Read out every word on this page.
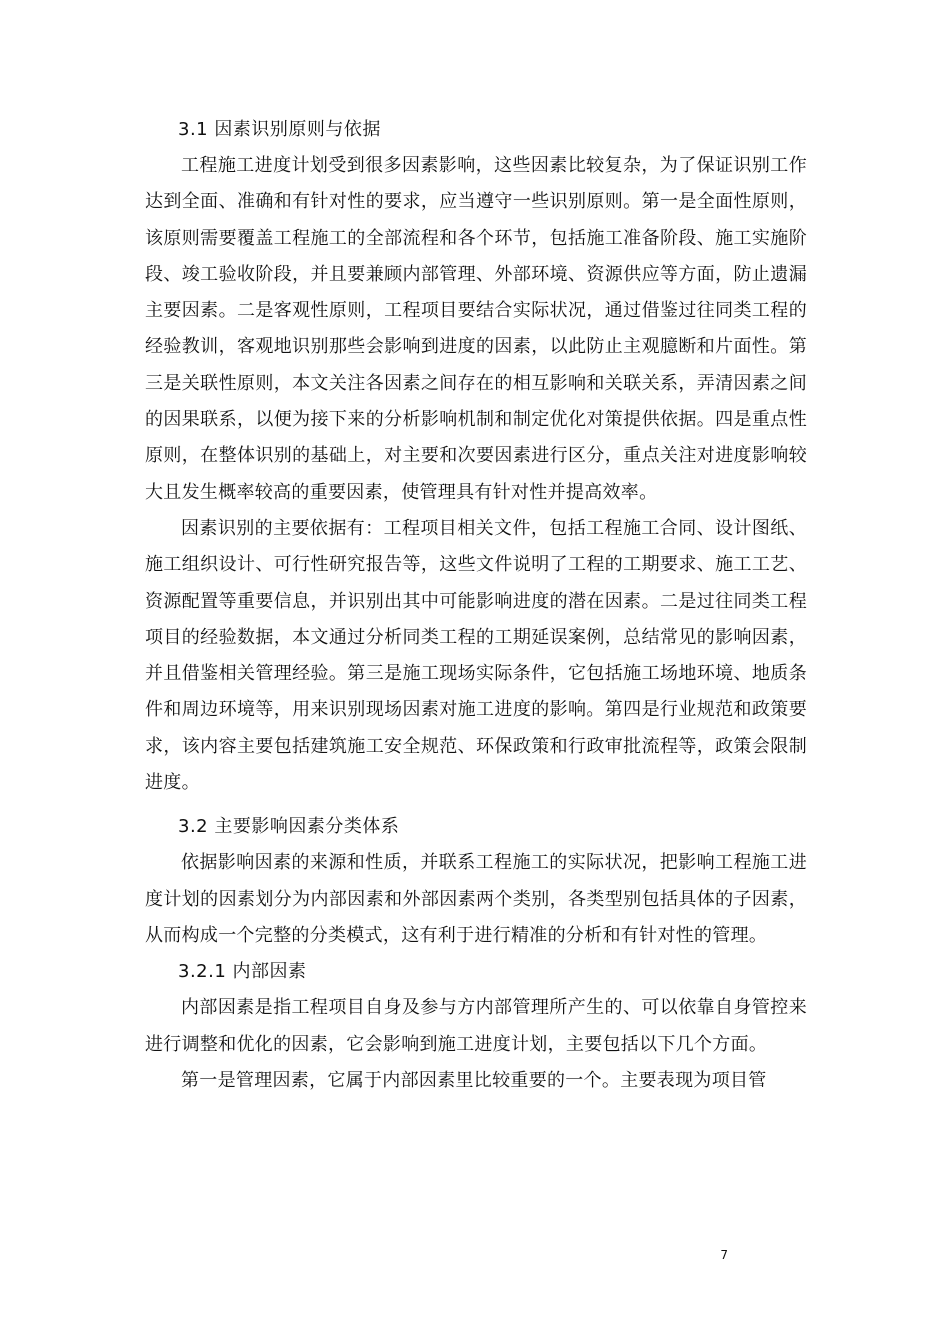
3.1 因素识别原则与依据

工程施工进度计划受到很多因素影响，这些因素比较复杂，为了保证识别工作达到全面、准确和有针对性的要求，应当遵守一些识别原则。第一是全面性原则，该原则需要覆盖工程施工的全部流程和各个环节，包括施工准备阶段、施工实施阶段、竣工验收阶段，并且要兼顾内部管理、外部环境、资源供应等方面，防止遗漏主要因素。二是客观性原则，工程项目要结合实际状况，通过借鉴过往同类工程的经验教训，客观地识别那些会影响到进度的因素，以此防止主观臆断和片面性。第三是关联性原则，本文关注各因素之间存在的相互影响和关联关系，弄清因素之间的因果联系，以便为接下来的分析影响机制和制定优化对策提供依据。四是重点性原则，在整体识别的基础上，对主要和次要因素进行区分，重点关注对进度影响较大且发生概率较高的重要因素，使管理具有针对性并提高效率。

因素识别的主要依据有：工程项目相关文件，包括工程施工合同、设计图纸、施工组织设计、可行性研究报告等，这些文件说明了工程的工期要求、施工工艺、资源配置等重要信息，并识别出其中可能影响进度的潜在因素。二是过往同类工程项目的经验数据，本文通过分析同类工程的工期延误案例，总结常见的影响因素，并且借鉴相关管理经验。第三是施工现场实际条件，它包括施工场地环境、地质条件和周边环境等，用来识别现场因素对施工进度的影响。第四是行业规范和政策要求，该内容主要包括建筑施工安全规范、环保政策和行政审批流程等，政策会限制进度。

3.2 主要影响因素分类体系

依据影响因素的来源和性质，并联系工程施工的实际状况，把影响工程施工进度计划的因素划分为内部因素和外部因素两个类别，各类型别包括具体的子因素，从而构成一个完整的分类模式，这有利于进行精准的分析和有针对性的管理。

3.2.1 内部因素

内部因素是指工程项目自身及参与方内部管理所产生的、可以依靠自身管控来进行调整和优化的因素，它会影响到施工进度计划，主要包括以下几个方面。

第一是管理因素，它属于内部因素里比较重要的一个。主要表现为项目管

7
